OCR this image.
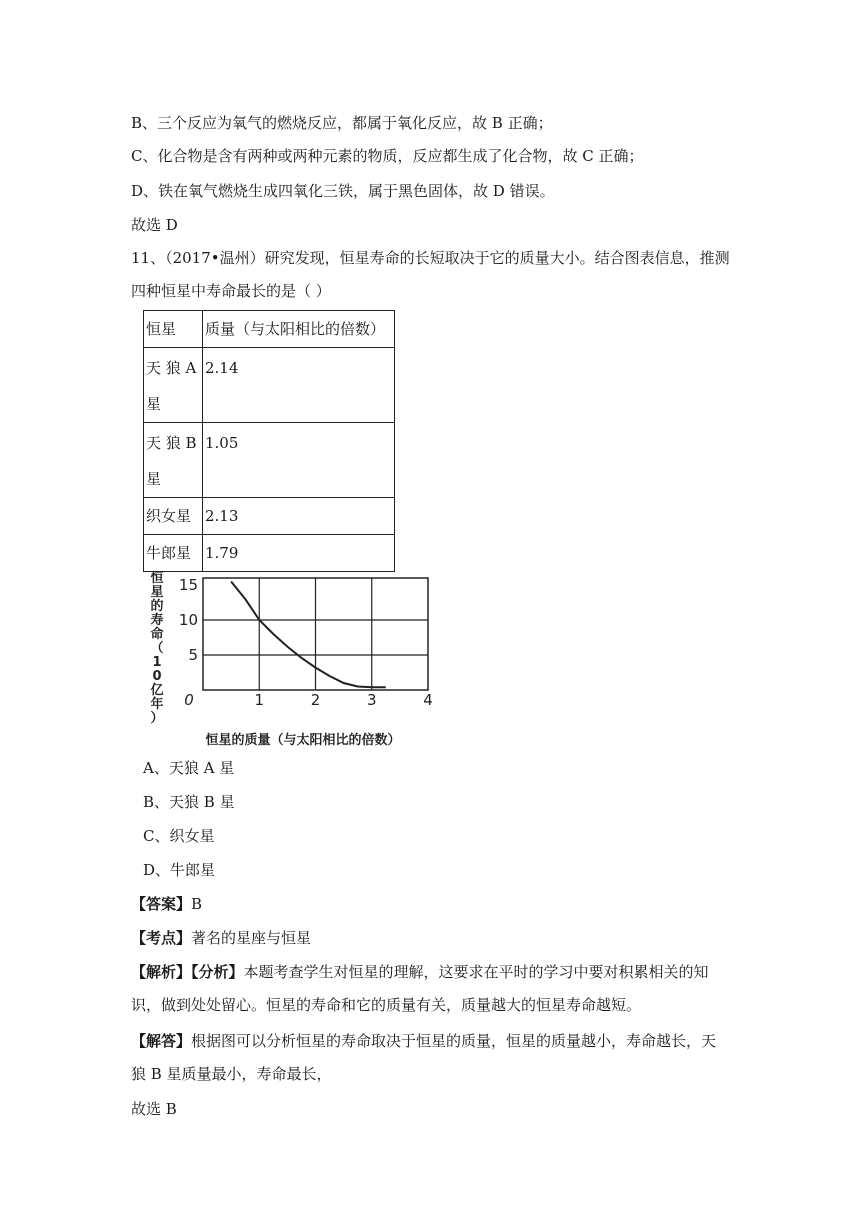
B、三个反应为氧气的燃烧反应，都属于氧化反应，故 B 正确；
C、化合物是含有两种或两种元素的物质，反应都生成了化合物，故 C 正确；
D、铁在氧气燃烧生成四氧化三铁，属于黑色固体，故 D 错误。
故选 D
11、（2017•温州）研究发现，恒星寿命的长短取决于它的质量大小。结合图表信息，推测
四种恒星中寿命最长的是（ ）
恒星	质量（与太阳相比的倍数）
天 狼 A
星	2.14
天 狼 B
星	1.05
织女星	2.13
牛郎星	1.79
15
10
5
0	1	2	3	4
恒
星
的
寿
命
（
1
0
亿
年
）
恒星的质量（与太阳相比的倍数）
A、天狼 A 星
B、天狼 B 星
C、织女星
D、牛郎星
【答案】B
【考点】著名的星座与恒星
【解析】【分析】本题考查学生对恒星的理解，这要求在平时的学习中要对积累相关的知
识，做到处处留心。恒星的寿命和它的质量有关，质量越大的恒星寿命越短。
【解答】根据图可以分析恒星的寿命取决于恒星的质量，恒星的质量越小，寿命越长，天
狼 B 星质量最小，寿命最长，
故选 B
